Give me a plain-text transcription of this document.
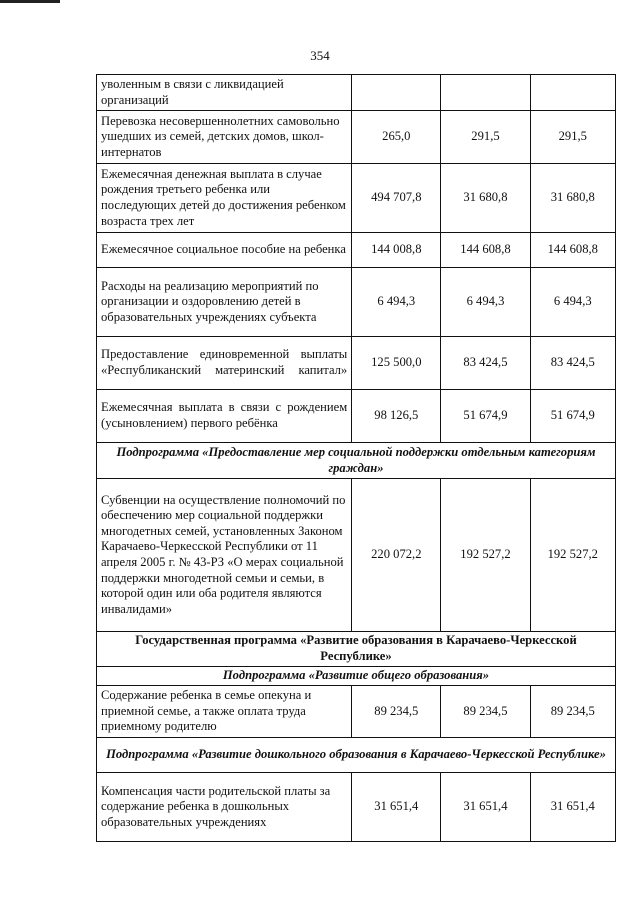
354
уволенным в связи с ликвидацией организаций			
Перевозка несовершеннолетних самовольно ушедших из семей, детских домов, школ-интернатов	265,0	291,5	291,5
Ежемесячная денежная выплата в случае рождения третьего ребенка или последующих детей до достижения ребенком возраста трех лет	494 707,8	31 680,8	31 680,8
Ежемесячное социальное пособие на ребенка	144 008,8	144 608,8	144 608,8
Расходы на реализацию мероприятий по организации и оздоровлению детей в образовательных учреждениях субъекта	6 494,3	6 494,3	6 494,3
Предоставление единовременной выплаты «Республиканский материнский капитал»	125 500,0	83 424,5	83 424,5
Ежемесячная выплата в связи с рождением (усыновлением) первого ребёнка	98 126,5	51 674,9	51 674,9
Подпрограмма «Предоставление мер социальной поддержки отдельным категориям граждан»			
Субвенции на осуществление полномочий по обеспечению мер социальной поддержки многодетных семей, установленных Законом Карачаево-Черкесской Республики от 11 апреля 2005 г. № 43-РЗ «О мерах социальной поддержки многодетной семьи и семьи, в которой один или оба родителя являются инвалидами»	220 072,2	192 527,2	192 527,2
Государственная программа «Развитие образования в Карачаево-Черкесской Республике»			
Подпрограмма «Развитие общего образования»			
Содержание ребенка в семье опекуна и приемной семье, а также оплата труда приемному родителю	89 234,5	89 234,5	89 234,5
Подпрограмма «Развитие дошкольного образования в Карачаево-Черкесской Республике»			
Компенсация части родительской платы за содержание ребенка в дошкольных образовательных учреждениях	31 651,4	31 651,4	31 651,4
